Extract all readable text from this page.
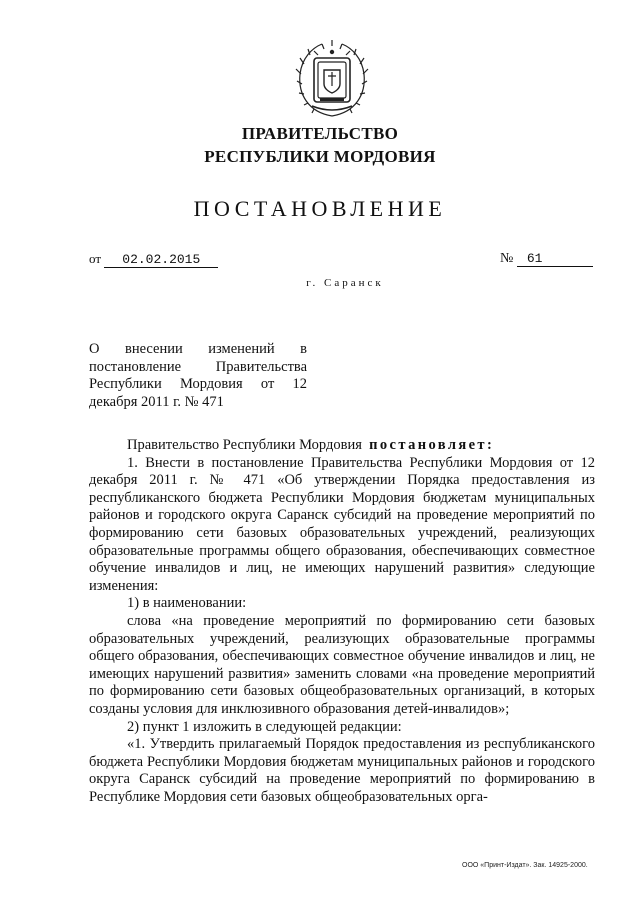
ПРАВИТЕЛЬСТВО
РЕСПУБЛИКИ МОРДОВИЯ
ПОСТАНОВЛЕНИЕ
от 02.02.2015	№ 61
г. Саранск
О внесении изменений в постановление Правительства Республики Мордовия от 12 декабря 2011 г. № 471

Правительство Республики Мордовия постановляет:

1. Внести в постановление Правительства Республики Мордовия от 12 декабря 2011 г. № 471 «Об утверждении Порядка предоставления из республиканского бюджета Республики Мордовия бюджетам муниципальных районов и городского округа Саранск субсидий на проведение мероприятий по формированию сети базовых образовательных учреждений, реализующих образовательные программы общего образования, обеспечивающих совместное обучение инвалидов и лиц, не имеющих нарушений развития» следующие изменения:

1) в наименовании:

слова «на проведение мероприятий по формированию сети базовых образовательных учреждений, реализующих образовательные программы общего образования, обеспечивающих совместное обучение инвалидов и лиц, не имеющих нарушений развития» заменить словами «на проведение мероприятий по формированию сети базовых общеобразовательных организаций, в которых созданы условия для инклюзивного образования детей-инвалидов»;

2) пункт 1 изложить в следующей редакции:

«1. Утвердить прилагаемый Порядок предоставления из республиканского бюджета Республики Мордовия бюджетам муниципальных районов и городского округа Саранск субсидий на проведение мероприятий по формированию в Республике Мордовия сети базовых общеобразовательных орга-

ООО «Принт-Издат». Зак. 14925-2000.
